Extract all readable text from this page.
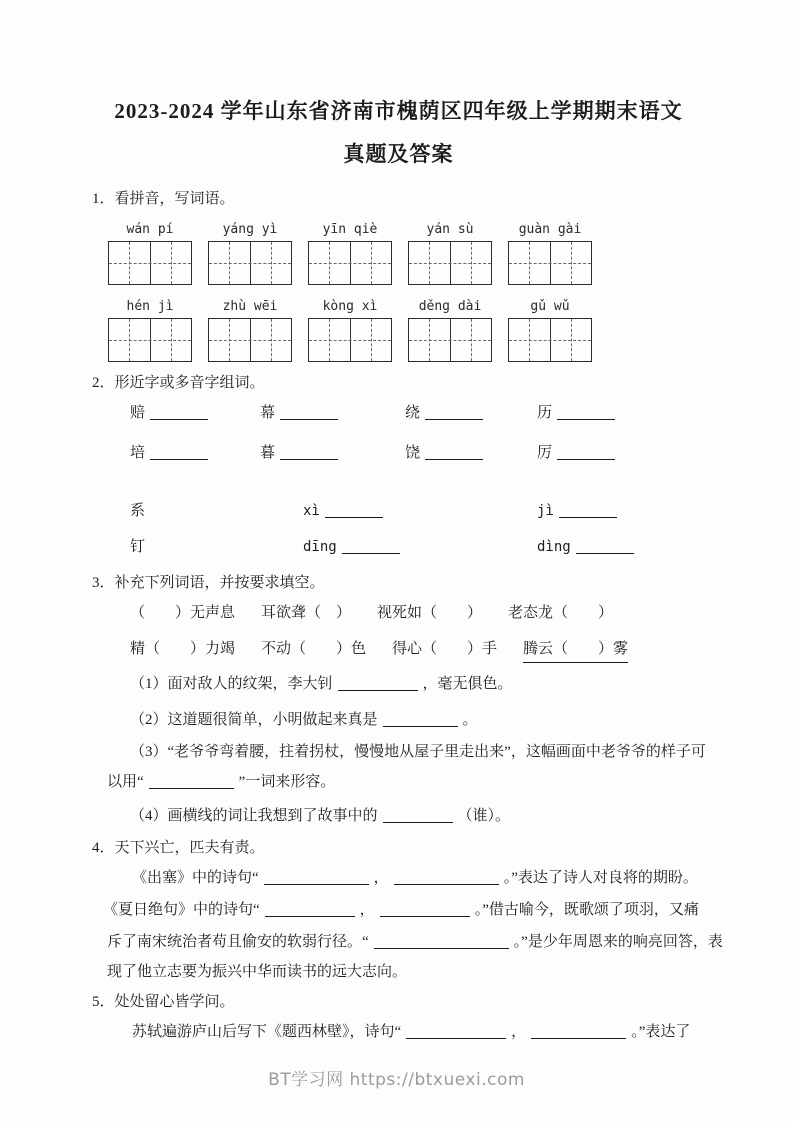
2023-2024 学年山东省济南市槐荫区四年级上学期期末语文
真题及答案
1．看拼音，写词语。
wán pí	yáng yì	yīn qiè	yán sù	guàn gài
hén jì	zhù wēi	kòng xì	děng dài	gǔ wǔ
2．形近字或多音字组词。
赔	幕	绕	历
培	暮	饶	厉
系	xì	jì
钉	dīng	dìng
3．补充下列词语，并按要求填空。
（　　）无声息 耳欲聋（　） 视死如（　　） 老态龙（　　）
精（　　）力竭 不动（　　）色 得心（　　）手 腾云（　　）雾
（1）面对敌人的纹架，李大钊	，毫无俱色。
（2）这道题很简单，小明做起来真是	。
（3）“老爷爷弯着腰，拄着拐杖，慢慢地从屋子里走出来”，这幅画面中老爷爷的样子可
以用“	”一词来形容。
（4）画横线的词让我想到了故事中的	（谁）。
4．天下兴亡，匹夫有责。
《出塞》中的诗句“	，	。”表达了诗人对良将的期盼。
《夏日绝句》中的诗句“	，	。”借古喻今，既歌颂了项羽，又痛
斥了南宋统治者苟且偷安的软弱行径。“	。”是少年周恩来的响亮回答，表
现了他立志要为振兴中华而读书的远大志向。
5．处处留心皆学问。
苏轼遍游庐山后写下《题西林壁》，诗句“	，	。”表达了
BT学习网 https://btxuexi.com
